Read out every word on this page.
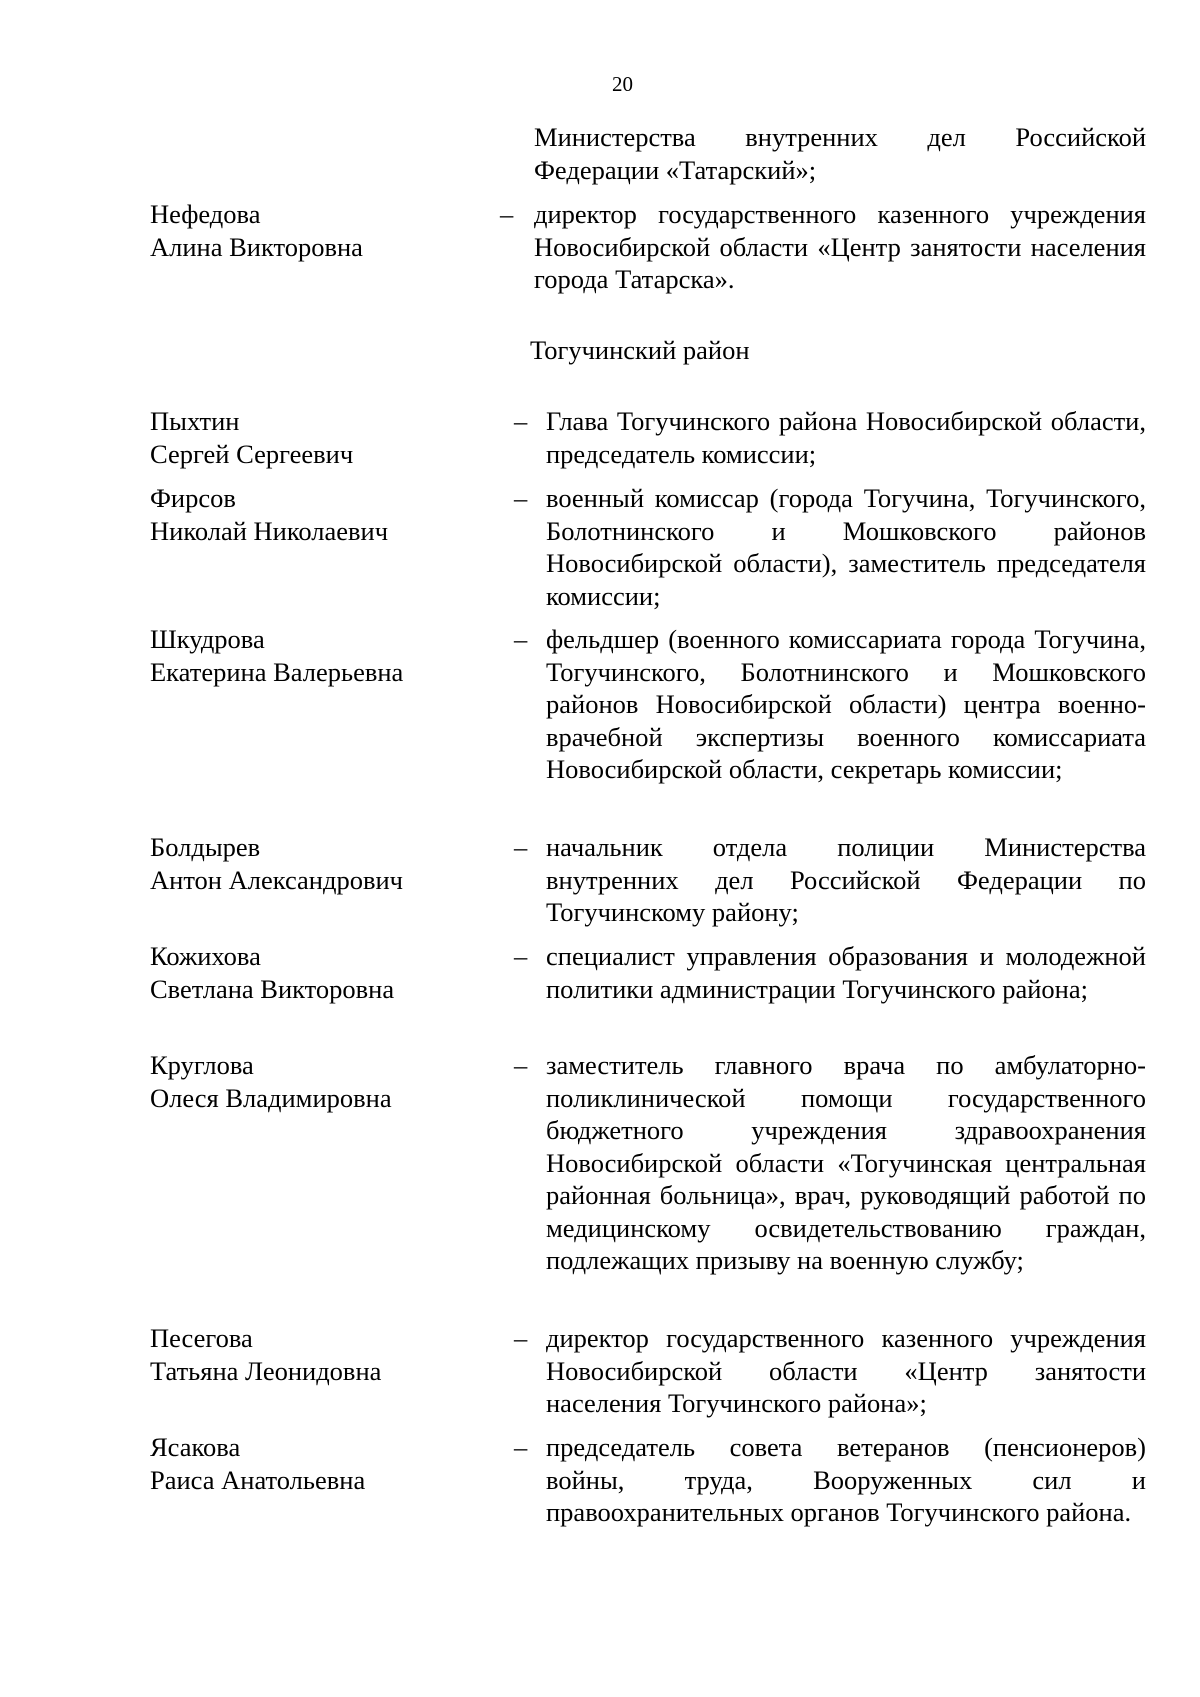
20
Министерства внутренних дел Российской Федерации «Татарский»;
Нефедова
Алина Викторовна
– директор государственного казенного учреждения Новосибирской области «Центр занятости населения города Татарска».
Тогучинский район
Пыхтин
Сергей Сергеевич
– Глава Тогучинского района Новосибирской области, председатель комиссии;
Фирсов
Николай Николаевич
– военный комиссар (города Тогучина, Тогучинского, Болотнинского и Мошковского районов Новосибирской области), заместитель председателя комиссии;
Шкудрова
Екатерина Валерьевна
– фельдшер (военного комиссариата города Тогучина, Тогучинского, Болотнинского и Мошковского районов Новосибирской области) центра военно-врачебной экспертизы военного комиссариата Новосибирской области, секретарь комиссии;
Болдырев
Антон Александрович
– начальник отдела полиции Министерства внутренних дел Российской Федерации по Тогучинскому району;
Кожихова
Светлана Викторовна
– специалист управления образования и молодежной политики администрации Тогучинского района;
Круглова
Олеся Владимировна
– заместитель главного врача по амбулаторно-поликлинической помощи государственного бюджетного учреждения здравоохранения Новосибирской области «Тогучинская центральная районная больница», врач, руководящий работой по медицинскому освидетельствованию граждан, подлежащих призыву на военную службу;
Песегова
Татьяна Леонидовна
– директор государственного казенного учреждения Новосибирской области «Центр занятости населения Тогучинского района»;
Ясакова
Раиса Анатольевна
– председатель совета ветеранов (пенсионеров) войны, труда, Вооруженных сил и правоохранительных органов Тогучинского района.
